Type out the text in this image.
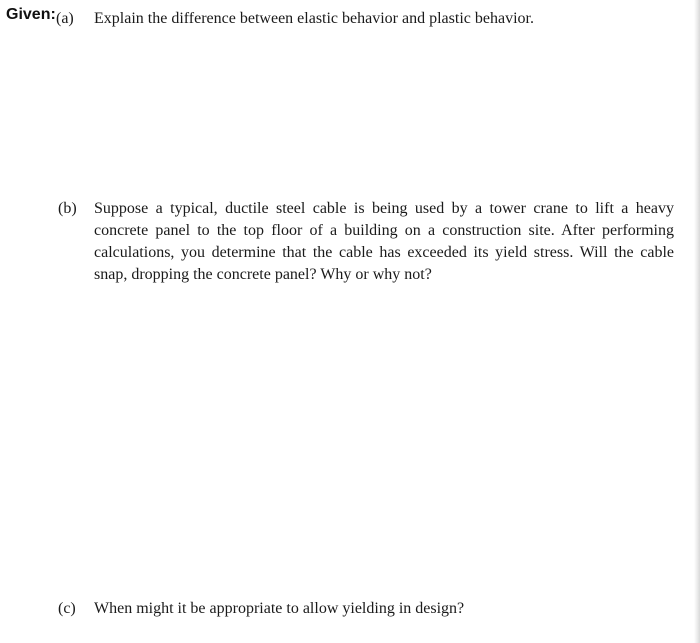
Given: (a) Explain the difference between elastic behavior and plastic behavior.
(b) Suppose a typical, ductile steel cable is being used by a tower crane to lift a heavy concrete panel to the top floor of a building on a construction site. After performing calculations, you determine that the cable has exceeded its yield stress. Will the cable snap, dropping the concrete panel? Why or why not?
(c) When might it be appropriate to allow yielding in design?
